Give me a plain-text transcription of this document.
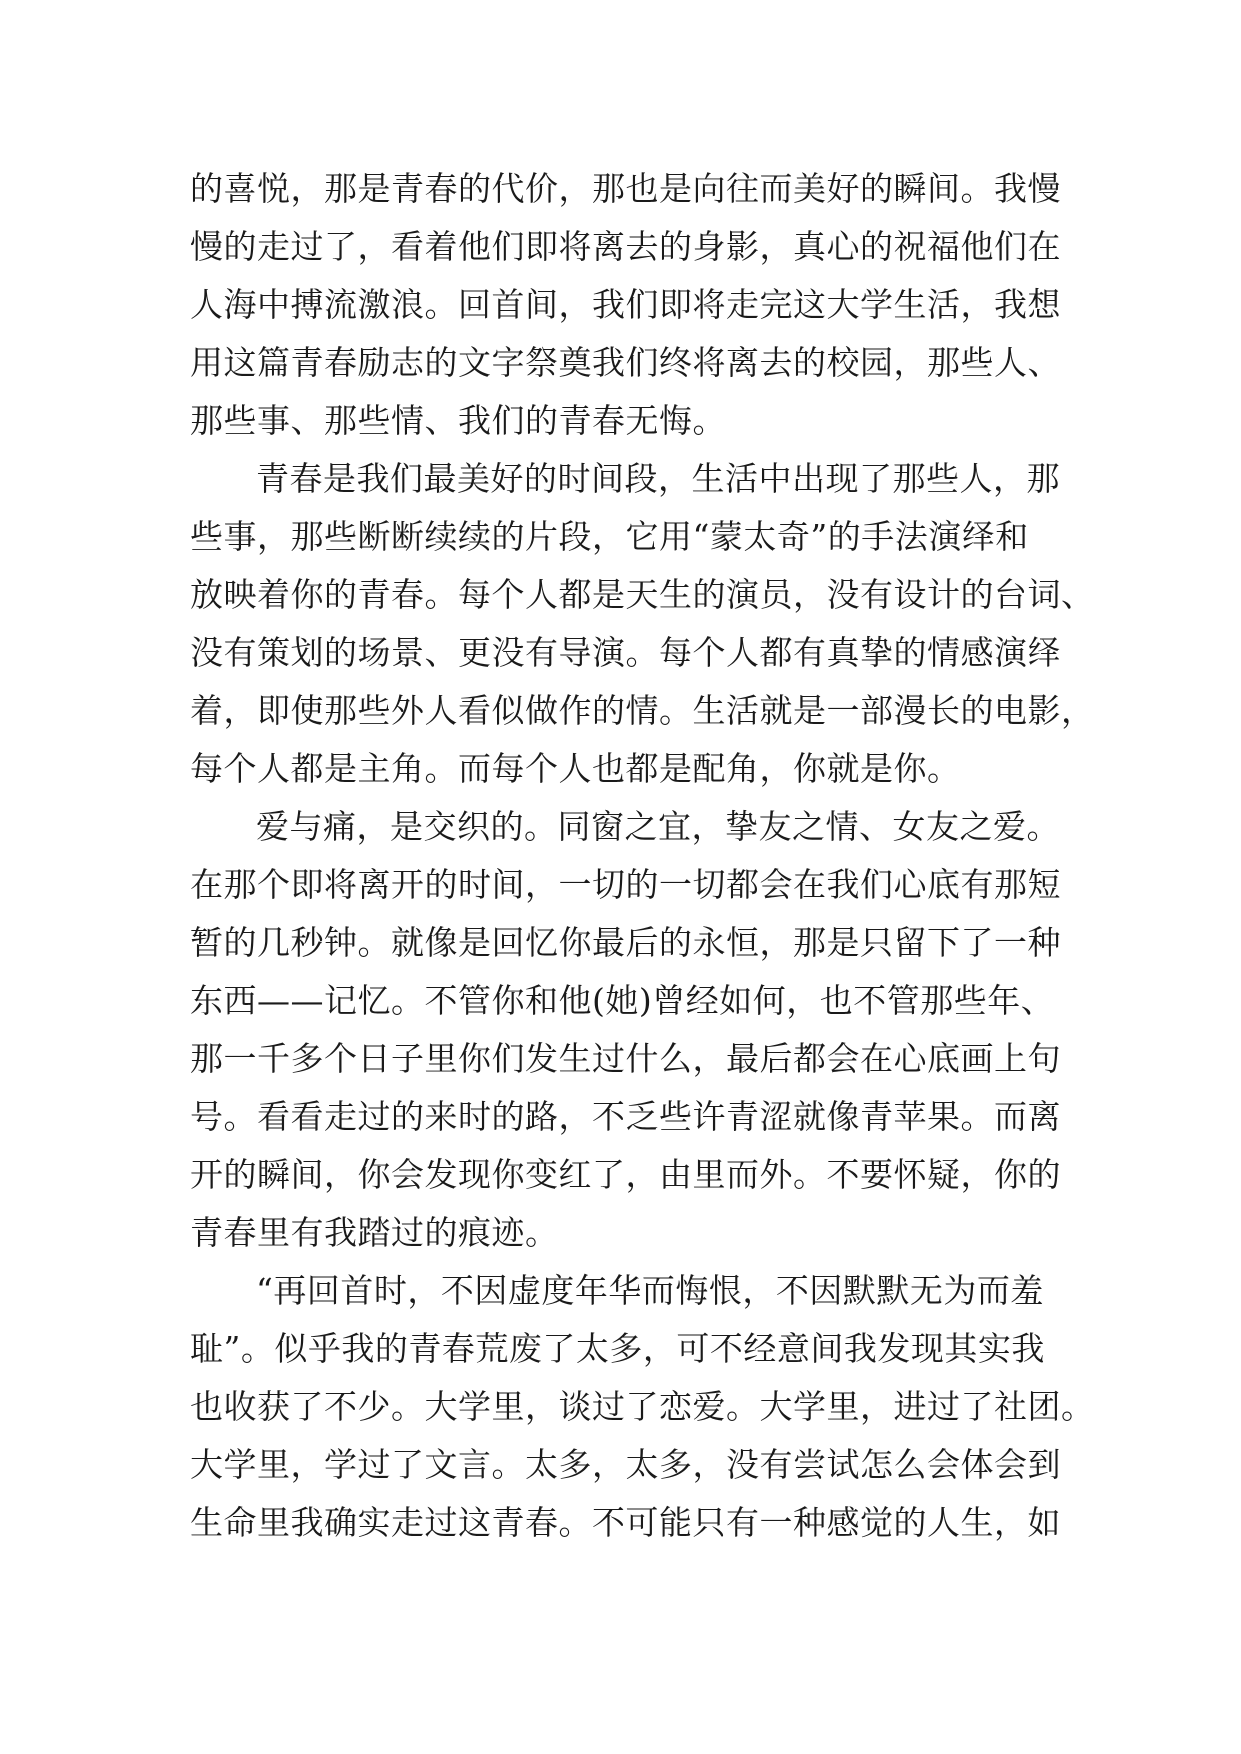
的喜悦，那是青春的代价，那也是向往而美好的瞬间。我慢
慢的走过了，看着他们即将离去的身影，真心的祝福他们在
人海中搏流激浪。回首间，我们即将走完这大学生活，我想
用这篇青春励志的文字祭奠我们终将离去的校园，那些人、
那些事、那些情、我们的青春无悔。
青春是我们最美好的时间段，生活中出现了那些人，那
些事，那些断断续续的片段，它用“蒙太奇”的手法演绎和
放映着你的青春。每个人都是天生的演员，没有设计的台词、
没有策划的场景、更没有导演。每个人都有真挚的情感演绎
着，即使那些外人看似做作的情。生活就是一部漫长的电影，
每个人都是主角。而每个人也都是配角，你就是你。
爱与痛，是交织的。同窗之宜，挚友之情、女友之爱。
在那个即将离开的时间，一切的一切都会在我们心底有那短
暂的几秒钟。就像是回忆你最后的永恒，那是只留下了一种
东西——记忆。不管你和他(她)曾经如何，也不管那些年、
那一千多个日子里你们发生过什么，最后都会在心底画上句
号。看看走过的来时的路，不乏些许青涩就像青苹果。而离
开的瞬间，你会发现你变红了，由里而外。不要怀疑，你的
青春里有我踏过的痕迹。
“再回首时，不因虚度年华而悔恨，不因默默无为而羞
耻”。似乎我的青春荒废了太多，可不经意间我发现其实我
也收获了不少。大学里，谈过了恋爱。大学里，进过了社团。
大学里，学过了文言。太多，太多，没有尝试怎么会体会到
生命里我确实走过这青春。不可能只有一种感觉的人生，如
